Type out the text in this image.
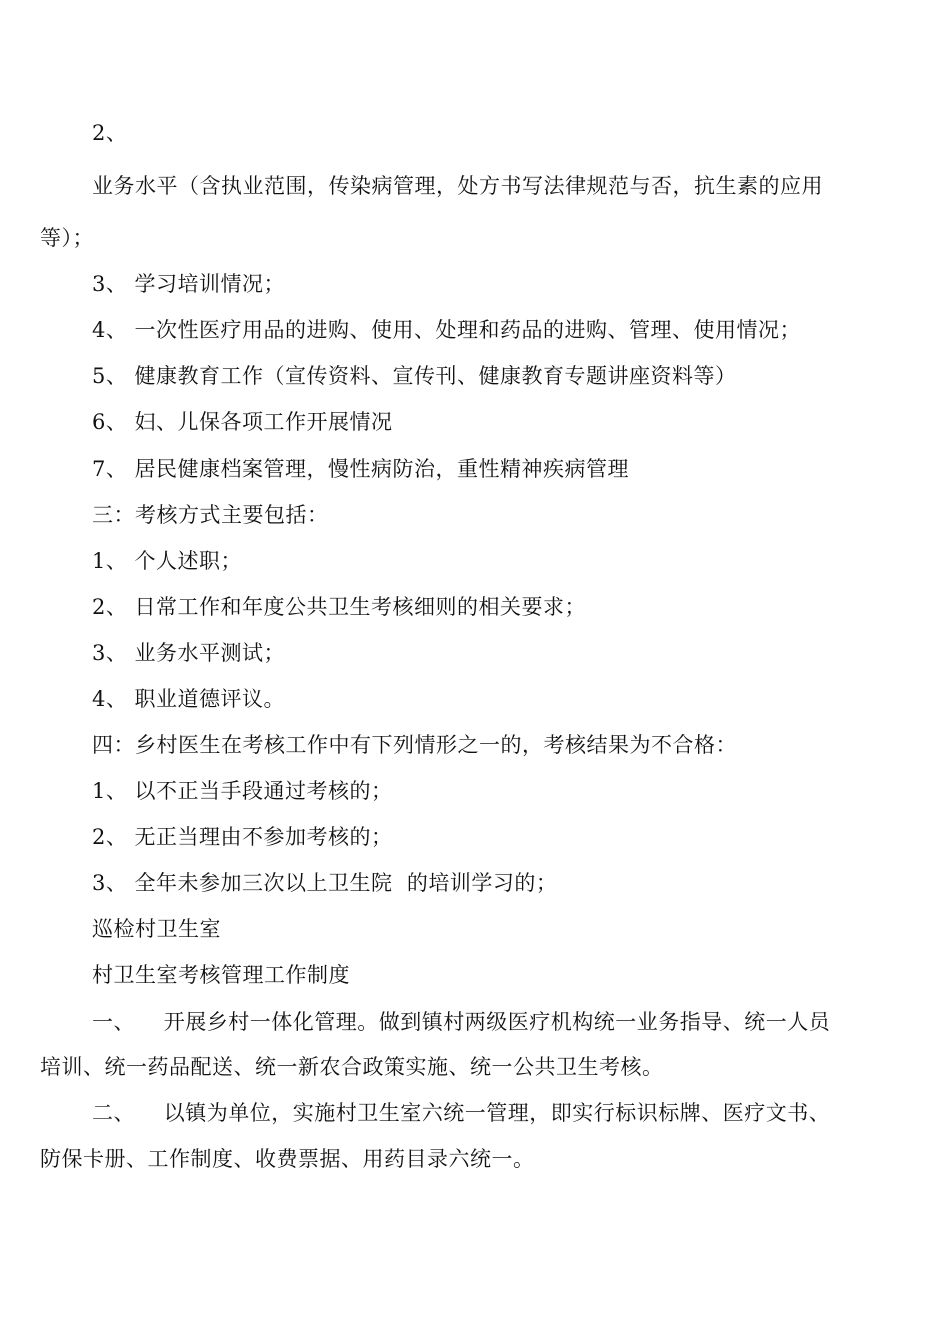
2、
业务水平（含执业范围，传染病管理，处方书写法律规范与否，抗生素的应用
等）；
3、 学习培训情况；
4、 一次性医疗用品的进购、使用、处理和药品的进购、管理、使用情况；
5、 健康教育工作（宣传资料、宣传刊、健康教育专题讲座资料等）
6、 妇、儿保各项工作开展情况
7、 居民健康档案管理，慢性病防治，重性精神疾病管理
三：考核方式主要包括：
1、 个人述职；
2、 日常工作和年度公共卫生考核细则的相关要求；
3、 业务水平测试；
4、 职业道德评议。
四：乡村医生在考核工作中有下列情形之一的，考核结果为不合格：
1、 以不正当手段通过考核的；
2、 无正当理由不参加考核的；
3、 全年未参加三次以上卫生院  的培训学习的；
巡检村卫生室
村卫生室考核管理工作制度
一、    开展乡村一体化管理。做到镇村两级医疗机构统一业务指导、统一人员
培训、统一药品配送、统一新农合政策实施、统一公共卫生考核。
二、    以镇为单位，实施村卫生室六统一管理，即实行标识标牌、医疗文书、
防保卡册、工作制度、收费票据、用药目录六统一。
